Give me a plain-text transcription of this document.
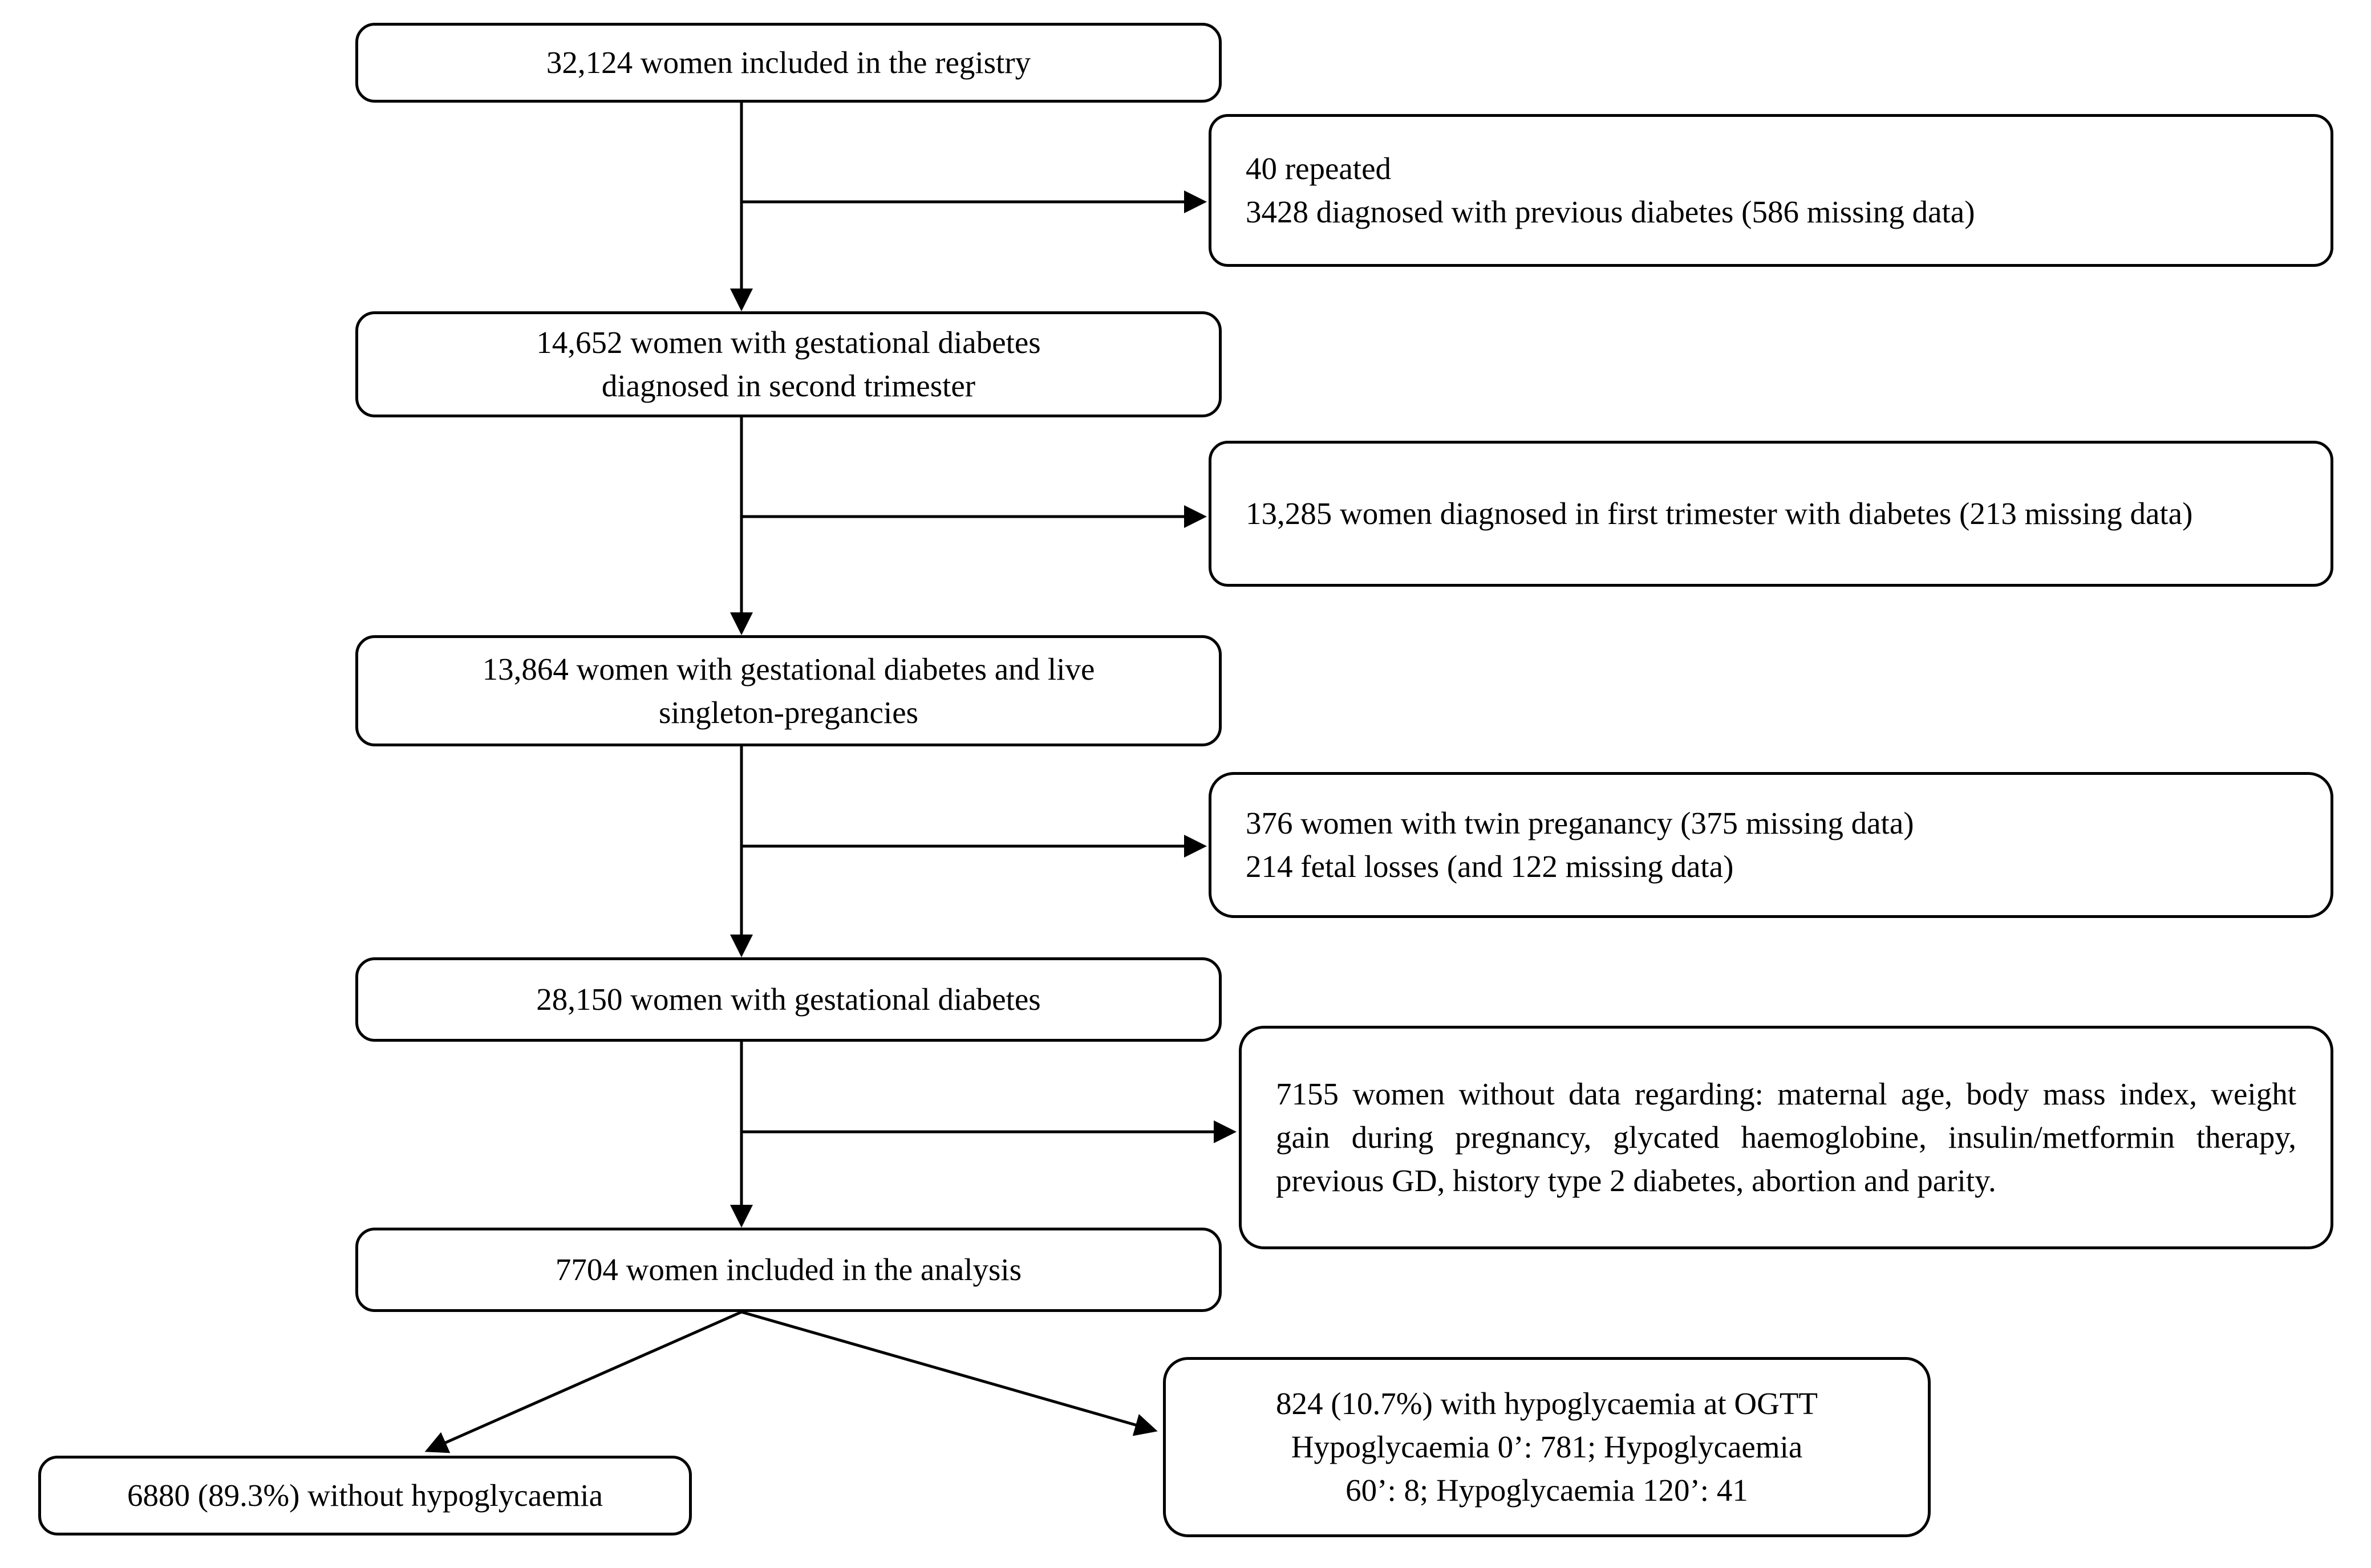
32,124 women included in the registry
14,652 women with gestational diabetes
diagnosed in second trimester
13,864 women with gestational diabetes and live
singleton-pregancies
28,150 women with gestational diabetes
7704 women included in the analysis
6880 (89.3%) without hypoglycaemia
824 (10.7%) with hypoglycaemia at OGTT
Hypoglycaemia 0’: 781; Hypoglycaemia
60’: 8; Hypoglycaemia 120’: 41
40 repeated
3428 diagnosed with previous diabetes (586 missing data)

13,285 women diagnosed in first trimester with diabetes (213 missing data)

376 women with twin preganancy (375 missing data)
214 fetal losses (and 122 missing data)

7155 women without data regarding: maternal age, body mass index, weight gain during pregnancy, glycated haemoglobine, insulin/metformin therapy, previous GD, history type 2 diabetes, abortion and parity.
